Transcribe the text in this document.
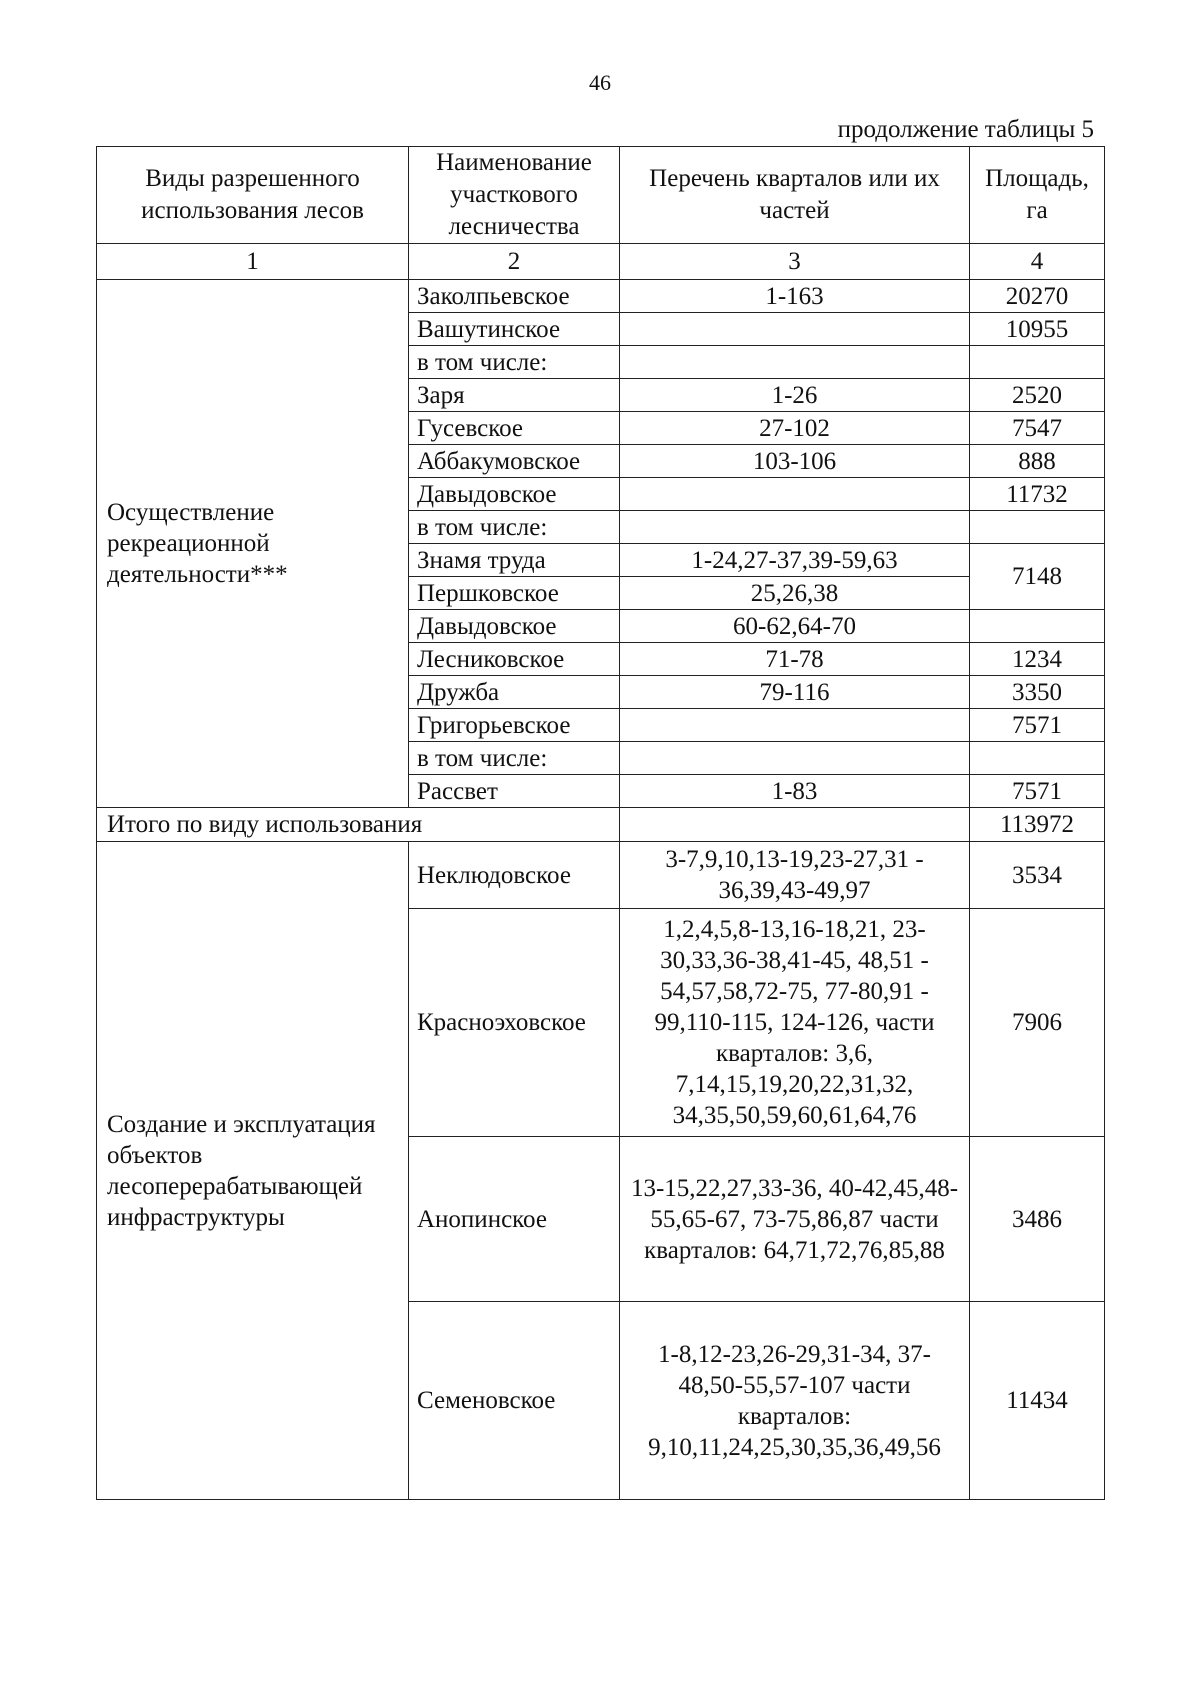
46
продолжение таблицы 5
Виды разрешенного использования лесов	Наименование участкового лесничества	Перечень кварталов или их частей	Площадь, га
1	2	3	4
Осуществление рекреационной деятельности***	Заколпьевское	1-163	20270
	Вашутинское		10955
	в том числе:		
	Заря	1-26	2520
	Гусевское	27-102	7547
	Аббакумовское	103-106	888
	Давыдовское		11732
	в том числе:		
	Знамя труда	1-24,27-37,39-59,63	7148
	Першковское	25,26,38	
	Давыдовское	60-62,64-70	
	Лесниковское	71-78	1234
	Дружба	79-116	3350
	Григорьевское		7571
	в том числе:		
	Рассвет	1-83	7571
Итого по виду использования			113972
Создание и эксплуатация объектов лесоперерабатывающей инфраструктуры	Неклюдовское	3-7,9,10,13-19,23-27,31 - 36,39,43-49,97	3534
	Красноэховское	1,2,4,5,8-13,16-18,21, 23-30,33,36-38,41-45, 48,51 - 54,57,58,72-75, 77-80,91 - 99,110-115, 124-126, части кварталов: 3,6, 7,14,15,19,20,22,31,32, 34,35,50,59,60,61,64,76	7906
	Анопинское	13-15,22,27,33-36, 40-42,45,48-55,65-67, 73-75,86,87 части кварталов: 64,71,72,76,85,88	3486
	Семеновское	1-8,12-23,26-29,31-34, 37-48,50-55,57-107 части кварталов: 9,10,11,24,25,30,35,36,49,56	11434
